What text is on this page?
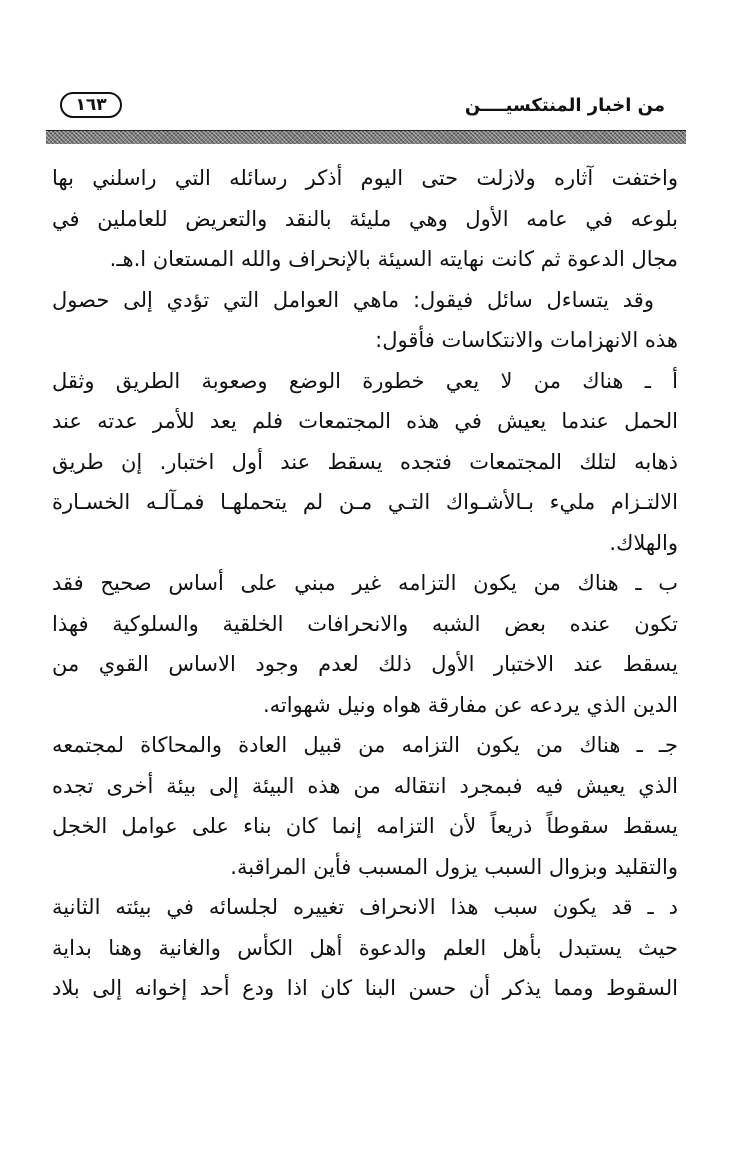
١٦٣	من اخبار المنتكسيــــن

واختفت آثاره ولازلت حتى اليوم أذكر رسائله التي راسلني بها
بلوعه في عامه الأول وهي مليئة بالنقد والتعريض للعاملين في
مجال الدعوة ثم كانت نهايته السيئة بالإنحراف والله المستعان ا.هـ.

وقد يتساءل سائل فيقول: ماهي العوامل التي تؤدي إلى حصول
هذه الانهزامات والانتكاسات فأقول:

أ ـ هناك من لا يعي خطورة الوضع وصعوبة الطريق وثقل
الحمل عندما يعيش في هذه المجتمعات فلم يعد للأمر عدته عند
ذهابه لتلك المجتمعات فتجده يسقط عند أول اختبار. إن طريق
الالتـزام مليء بـالأشـواك التـي مـن لم يتحملهـا فمـآلـه الخسـارة
والهلاك.

ب ـ هناك من يكون التزامه غير مبني على أساس صحيح فقد
تكون عنده بعض الشبه والانحرافات الخلقية والسلوكية فهذا
يسقط عند الاختبار الأول ذلك لعدم وجود الاساس القوي من
الدين الذي يردعه عن مفارقة هواه ونيل شهواته.

جـ ـ هناك من يكون التزامه من قبيل العادة والمحاكاة لمجتمعه
الذي يعيش فيه فبمجرد انتقاله من هذه البيئة إلى بيئة أخرى تجده
يسقط سقوطاً ذريعاً لأن التزامه إنما كان بناء على عوامل الخجل
والتقليد وبزوال السبب يزول المسبب فأين المراقبة.

د ـ قد يكون سبب هذا الانحراف تغييره لجلسائه في بيئته الثانية
حيث يستبدل بأهل العلم والدعوة أهل الكأس والغانية وهنا بداية
السقوط ومما يذكر أن حسن البنا كان اذا ودع أحد إخوانه إلى بلاد
